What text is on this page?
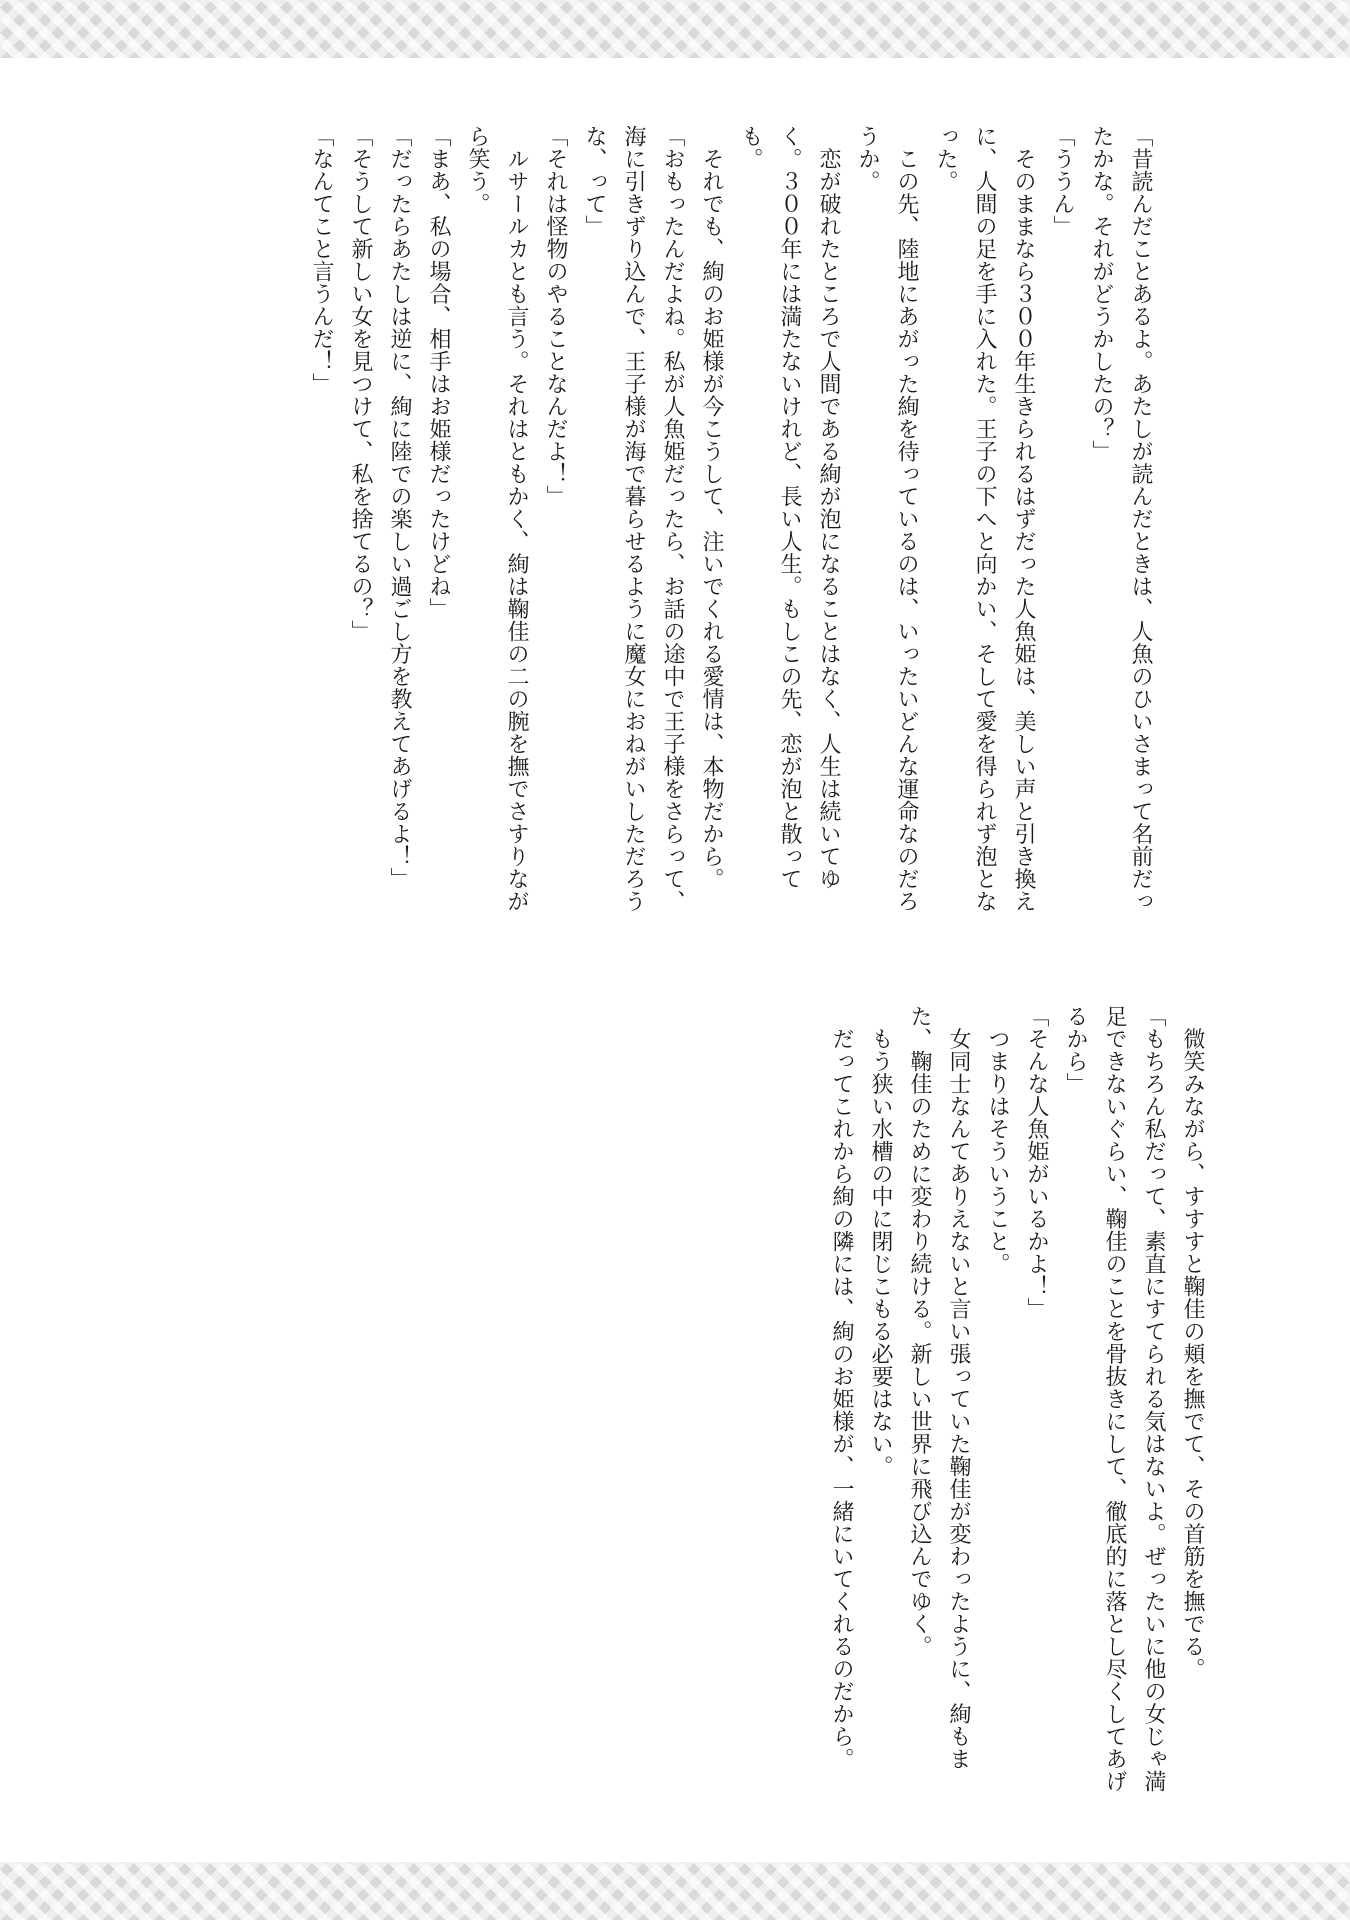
「昔読んだことあるよ。あたしが読んだときは、人魚のひいさまって名前だったかな。それがどうかしたの？」

「ううん」

　そのままなら３００年生きられるはずだった人魚姫は、美しい声と引き換えに、人間の足を手に入れた。王子の下へと向かい、そして愛を得られず泡となった。

　この先、陸地にあがった絢を待っているのは、いったいどんな運命なのだろうか。

　恋が破れたところで人間である絢が泡になることはなく、人生は続いてゆく。３００年には満たないけれど、長い人生。もしこの先、恋が泡と散っても。

　それでも、絢のお姫様が今こうして、注いでくれる愛情は、本物だから。

「おもったんだよね。私が人魚姫だったら、お話の途中で王子様をさらって、海に引きずり込んで、王子様が海で暮らせるように魔女におねがいしただろうな、って」

「それは怪物のやることなんだよ！」

　ルサールカとも言う。それはともかく、絢は鞠佳の二の腕を撫でさすりながら笑う。

「まあ、私の場合、相手はお姫様だったけどね」

「だったらあたしは逆に、絢に陸での楽しい過ごし方を教えてあげるよ！」

「そうして新しい女を見つけて、私を捨てるの？」

「なんてこと言うんだ！」

　微笑みながら、すすすと鞠佳の頬を撫でて、その首筋を撫でる。

「もちろん私だって、素直にすてられる気はないよ。ぜったいに他の女じゃ満足できないぐらい、鞠佳のことを骨抜きにして、徹底的に落とし尽くしてあげるから」

「そんな人魚姫がいるかよ！」

　つまりはそういうこと。

　女同士なんてありえないと言い張っていた鞠佳が変わったように、絢もまた、鞠佳のために変わり続ける。新しい世界に飛び込んでゆく。

　もう狭い水槽の中に閉じこもる必要はない。

　だってこれから絢の隣には、絢のお姫様が、一緒にいてくれるのだから。
